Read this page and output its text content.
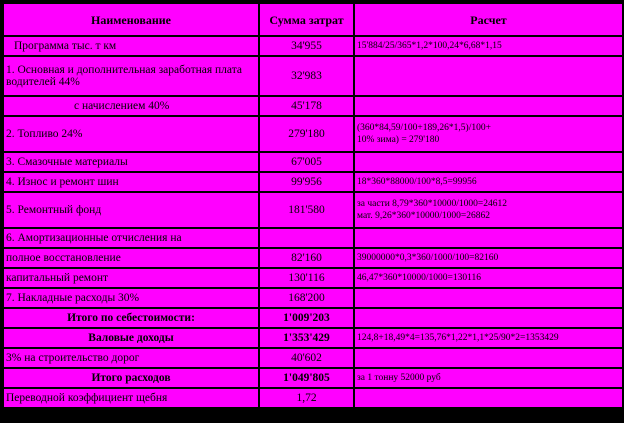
Наименование	Сумма затрат	Расчет
Программа тыс. т км	34'955	15'884/25/365*1,2*100,24*6,68*1,15
1. Основная и дополнительная заработная плата водителей 44%	32'983	
с начислением 40%	45'178	
2. Топливо 24%	279'180	(360*84,59/100+189,26*1,5)/100+
10% зима) = 279'180

3. Смазочные материалы	67'005	
4. Износ и ремонт шин	99'956	18*360*88000/100*8,5=99956
5. Ремонтный фонд	181'580	за части 8,79*360*10000/1000=24612
мат. 9,26*360*10000/1000=26862

6. Амортизационные отчисления на		
полное восстановление	82'160	39000000*0,3*360/1000/100=82160
капитальный ремонт	130'116	46,47*360*10000/1000=130116
7. Накладные расходы 30%	168'200	
Итого по себестоимости:	1'009'203	
Валовые доходы	1'353'429	124,8+18,49*4=135,76*1,22*1,1*25/90*2=1353429
3% на строительство дорог	40'602	
Итого расходов	1'049'805	за 1 тонну 52000 руб
Переводной коэффициент щебня	1,72	
